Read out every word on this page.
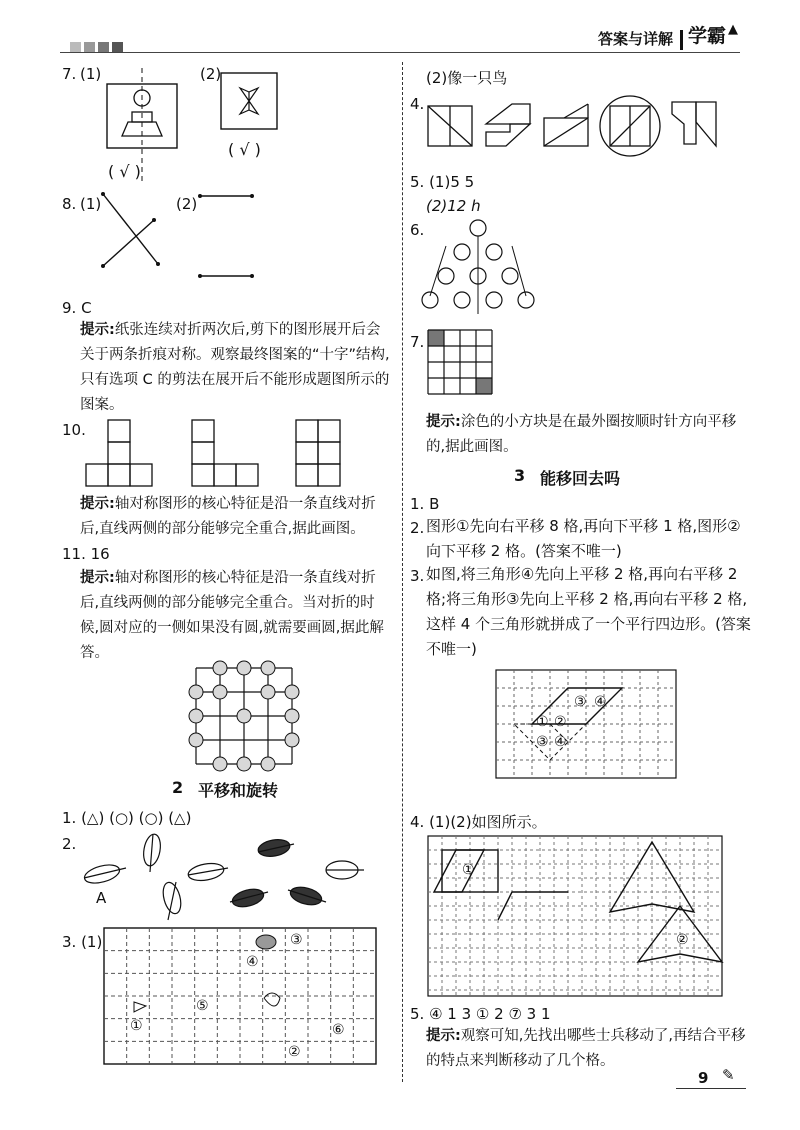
答案与详解 学霸 ▲
7. (1)
( √ )
(2)
( √ )
8. (1)	(2)
9. C
提示:纸张连续对折两次后,剪下的图形展开后会关于两条折痕对称。观察最终图案的“十字”结构,只有选项 C 的剪法在展开后不能形成题图所示的图案。
10.
提示:轴对称图形的核心特征是沿一条直线对折后,直线两侧的部分能够完全重合,据此画图。
11. 16
提示:轴对称图形的核心特征是沿一条直线对折后,直线两侧的部分能够完全重合。当对折的时候,圆对应的一侧如果没有圆,就需要画圆,据此解答。
2 平移和旋转
1. (△) (○) (○) (△)
2.
A
3. (1)
①
②
③
④
⑤
⑥
(2)像一只鸟
4.
5. (1)5 5
(2)12 h
6.
7.
提示:涂色的小方块是在最外圈按顺时针方向平移的,据此画图。
3 能移回去吗
1. B
2. 图形①先向右平移 8 格,再向下平移 1 格,图形②向下平移 2 格。(答案不唯一)
3. 如图,将三角形④先向上平移 2 格,再向右平移 2 格;将三角形③先向上平移 2 格,再向右平移 2 格,这样 4 个三角形就拼成了一个平行四边形。(答案不唯一)
① ②
③ ④
③ ④
4. (1)(2)如图所示。
①
②
5. ④ 1 3 ① 2 ⑦ 3 1
提示:观察可知,先找出哪些士兵移动了,再结合平移的特点来判断移动了几个格。
9 ✎
